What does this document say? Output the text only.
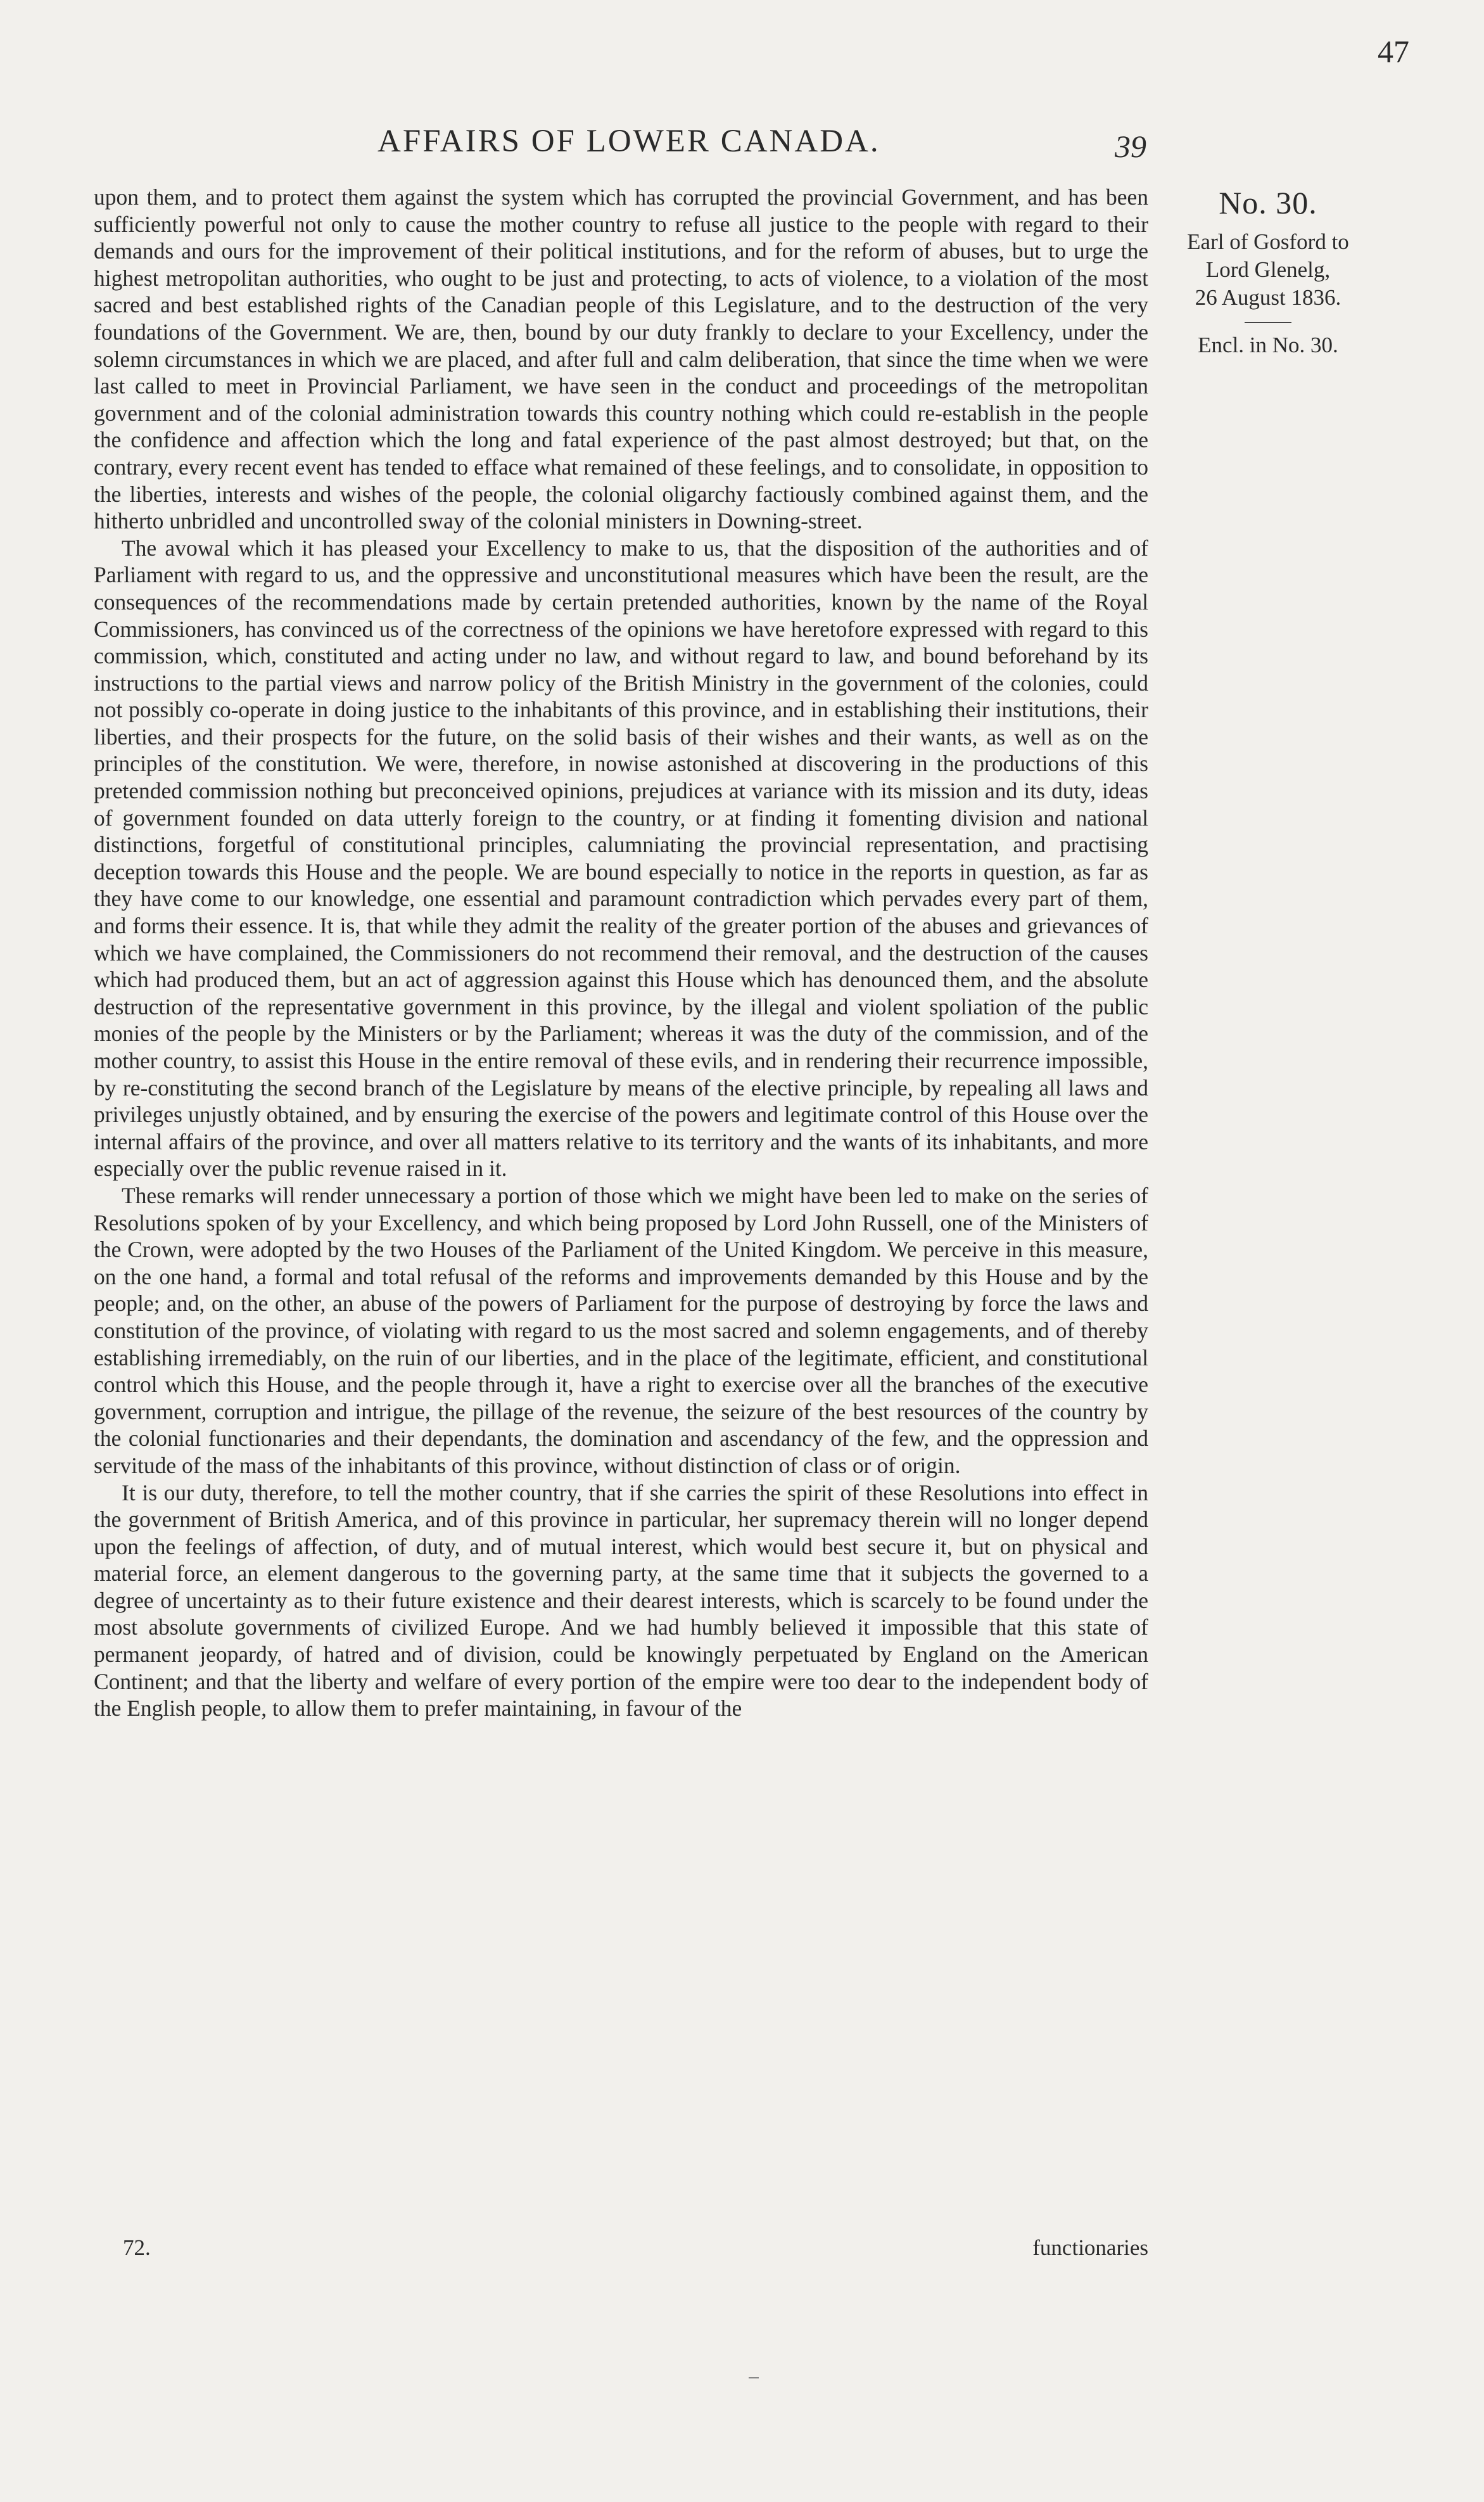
47
AFFAIRS OF LOWER CANADA.	39
No. 30.
Earl of Gosford to
Lord Glenelg,
26 August 1836.
Encl. in No. 30.

upon them, and to protect them against the system which has corrupted the provincial Government, and has been sufficiently powerful not only to cause the mother country to refuse all justice to the people with regard to their demands and ours for the improvement of their political institutions, and for the reform of abuses, but to urge the highest metropolitan authorities, who ought to be just and protecting, to acts of violence, to a violation of the most sacred and best established rights of the Canadian people of this Legislature, and to the destruction of the very foundations of the Government. We are, then, bound by our duty frankly to declare to your Excellency, under the solemn circumstances in which we are placed, and after full and calm deliberation, that since the time when we were last called to meet in Provincial Parliament, we have seen in the conduct and proceedings of the metropolitan government and of the colonial administration towards this country nothing which could re-establish in the people the confidence and affection which the long and fatal experience of the past almost destroyed; but that, on the contrary, every recent event has tended to efface what remained of these feelings, and to consolidate, in opposition to the liberties, interests and wishes of the people, the colonial oligarchy factiously combined against them, and the hitherto unbridled and uncontrolled sway of the colonial ministers in Downing-street.

The avowal which it has pleased your Excellency to make to us, that the disposition of the authorities and of Parliament with regard to us, and the oppressive and unconstitutional measures which have been the result, are the consequences of the recommendations made by certain pretended authorities, known by the name of the Royal Commissioners, has convinced us of the correctness of the opinions we have heretofore expressed with regard to this commission, which, constituted and acting under no law, and without regard to law, and bound beforehand by its instructions to the partial views and narrow policy of the British Ministry in the government of the colonies, could not possibly co-operate in doing justice to the inhabitants of this province, and in establishing their institutions, their liberties, and their prospects for the future, on the solid basis of their wishes and their wants, as well as on the principles of the constitution. We were, therefore, in nowise astonished at discovering in the productions of this pretended commission nothing but preconceived opinions, prejudices at variance with its mission and its duty, ideas of government founded on data utterly foreign to the country, or at finding it fomenting division and national distinctions, forgetful of constitutional principles, calumniating the provincial representation, and practising deception towards this House and the people. We are bound especially to notice in the reports in question, as far as they have come to our knowledge, one essential and paramount contradiction which pervades every part of them, and forms their essence. It is, that while they admit the reality of the greater portion of the abuses and grievances of which we have complained, the Commissioners do not recommend their removal, and the destruction of the causes which had produced them, but an act of aggression against this House which has denounced them, and the absolute destruction of the representative government in this province, by the illegal and violent spoliation of the public monies of the people by the Ministers or by the Parliament; whereas it was the duty of the commission, and of the mother country, to assist this House in the entire removal of these evils, and in rendering their recurrence impossible, by re-constituting the second branch of the Legislature by means of the elective principle, by repealing all laws and privileges unjustly obtained, and by ensuring the exercise of the powers and legitimate control of this House over the internal affairs of the province, and over all matters relative to its territory and the wants of its inhabitants, and more especially over the public revenue raised in it.

These remarks will render unnecessary a portion of those which we might have been led to make on the series of Resolutions spoken of by your Excellency, and which being proposed by Lord John Russell, one of the Ministers of the Crown, were adopted by the two Houses of the Parliament of the United Kingdom. We perceive in this measure, on the one hand, a formal and total refusal of the reforms and improvements demanded by this House and by the people; and, on the other, an abuse of the powers of Parliament for the purpose of destroying by force the laws and constitution of the province, of violating with regard to us the most sacred and solemn engagements, and of thereby establishing irremediably, on the ruin of our liberties, and in the place of the legitimate, efficient, and constitutional control which this House, and the people through it, have a right to exercise over all the branches of the executive government, corruption and intrigue, the pillage of the revenue, the seizure of the best resources of the country by the colonial functionaries and their dependants, the domination and ascendancy of the few, and the oppression and servitude of the mass of the inhabitants of this province, without distinction of class or of origin.

It is our duty, therefore, to tell the mother country, that if she carries the spirit of these Resolutions into effect in the government of British America, and of this province in particular, her supremacy therein will no longer depend upon the feelings of affection, of duty, and of mutual interest, which would best secure it, but on physical and material force, an element dangerous to the governing party, at the same time that it subjects the governed to a degree of uncertainty as to their future existence and their dearest interests, which is scarcely to be found under the most absolute governments of civilized Europe. And we had humbly believed it impossible that this state of permanent jeopardy, of hatred and of division, could be knowingly perpetuated by England on the American Continent; and that the liberty and welfare of every portion of the empire were too dear to the independent body of the English people, to allow them to prefer maintaining, in favour of the

72.	functionaries
